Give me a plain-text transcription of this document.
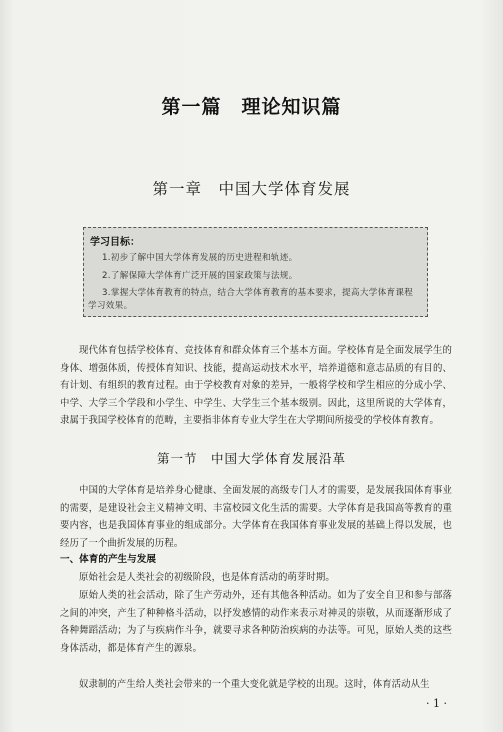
第一篇　理论知识篇
第一章　中国大学体育发展
学习目标：
1.初步了解中国大学体育发展的历史进程和轨迹。
2.了解保障大学体育广泛开展的国家政策与法规。
3.掌握大学体育教育的特点，结合大学体育教育的基本要求，提高大学体育课程学习效果。
现代体育包括学校体育、竞技体育和群众体育三个基本方面。学校体育是全面发展学生的身体、增强体质，传授体育知识、技能，提高运动技术水平，培养道德和意志品质的有目的、有计划、有组织的教育过程。由于学校教育对象的差异，一般将学校和学生相应的分成小学、中学、大学三个学段和小学生、中学生、大学生三个基本级别。因此，这里所说的大学体育，隶属于我国学校体育的范畴，主要指非体育专业大学生在大学期间所接受的学校体育教育。
第一节　中国大学体育发展沿革
中国的大学体育是培养身心健康、全面发展的高级专门人才的需要，是发展我国体育事业的需要，是建设社会主义精神文明、丰富校园文化生活的需要。大学体育是我国高等教育的重要内容，也是我国体育事业的组成部分。大学体育在我国体育事业发展的基础上得以发展，也经历了一个曲折发展的历程。
一、体育的产生与发展
原始社会是人类社会的初级阶段，也是体育活动的萌芽时期。
原始人类的社会活动，除了生产劳动外，还有其他各种活动。如为了安全自卫和参与部落之间的冲突，产生了种种格斗活动，以抒发感情的动作来表示对神灵的崇敬，从而逐渐形成了各种舞蹈活动；为了与疾病作斗争，就要寻求各种防治疾病的办法等。可见，原始人类的这些身体活动，都是体育产生的源泉。
奴隶制的产生给人类社会带来的一个重大变化就是学校的出现。这时，体育活动从生
· 1 ·
